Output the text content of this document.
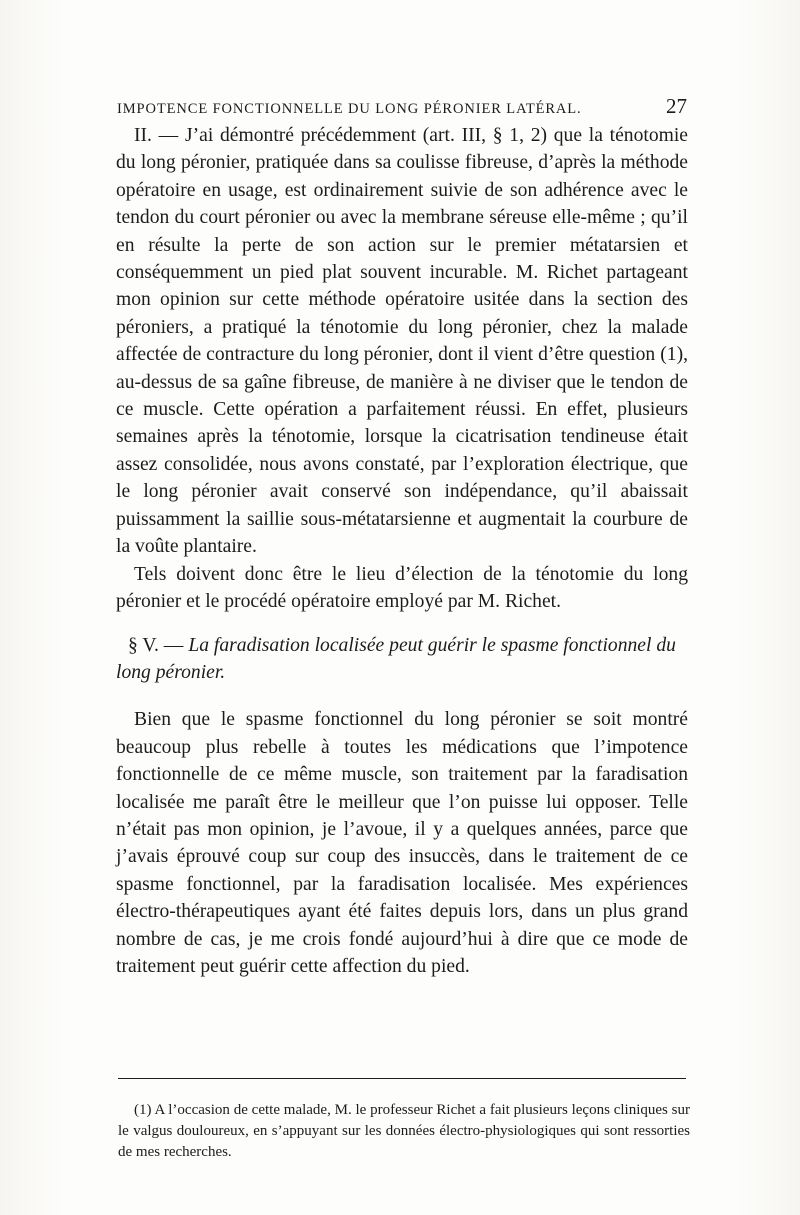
IMPOTENCE FONCTIONNELLE DU LONG PÉRONIER LATÉRAL.	27

II. — J’ai démontré précédemment (art. III, § 1, 2) que la ténotomie du long péronier, pratiquée dans sa coulisse fibreuse, d’après la méthode opératoire en usage, est ordinairement suivie de son adhérence avec le tendon du court péronier ou avec la membrane séreuse elle-même ; qu’il en résulte la perte de son action sur le premier métatarsien et conséquemment un pied plat souvent incurable. M. Richet partageant mon opinion sur cette méthode opératoire usitée dans la section des péroniers, a pratiqué la ténotomie du long péronier, chez la malade affectée de contracture du long péronier, dont il vient d’être question (1), au-dessus de sa gaîne fibreuse, de manière à ne diviser que le tendon de ce muscle. Cette opération a parfaitement réussi. En effet, plusieurs semaines après la ténotomie, lorsque la cicatrisation tendineuse était assez consolidée, nous avons constaté, par l’exploration électrique, que le long péronier avait conservé son indépendance, qu’il abaissait puissamment la saillie sous-métatarsienne et augmentait la courbure de la voûte plantaire.

Tels doivent donc être le lieu d’élection de la ténotomie du long péronier et le procédé opératoire employé par M. Richet.

§ V. — La faradisation localisée peut guérir le spasme fonctionnel du long péronier.

Bien que le spasme fonctionnel du long péronier se soit montré beaucoup plus rebelle à toutes les médications que l’impotence fonctionnelle de ce même muscle, son traitement par la faradisation localisée me paraît être le meilleur que l’on puisse lui opposer. Telle n’était pas mon opinion, je l’avoue, il y a quelques années, parce que j’avais éprouvé coup sur coup des insuccès, dans le traitement de ce spasme fonctionnel, par la faradisation localisée. Mes expériences électro-thérapeutiques ayant été faites depuis lors, dans un plus grand nombre de cas, je me crois fondé aujourd’hui à dire que ce mode de traitement peut guérir cette affection du pied.

(1) A l’occasion de cette malade, M. le professeur Richet a fait plusieurs leçons cliniques sur le valgus douloureux, en s’appuyant sur les données électro-physiologiques qui sont ressorties de mes recherches.
